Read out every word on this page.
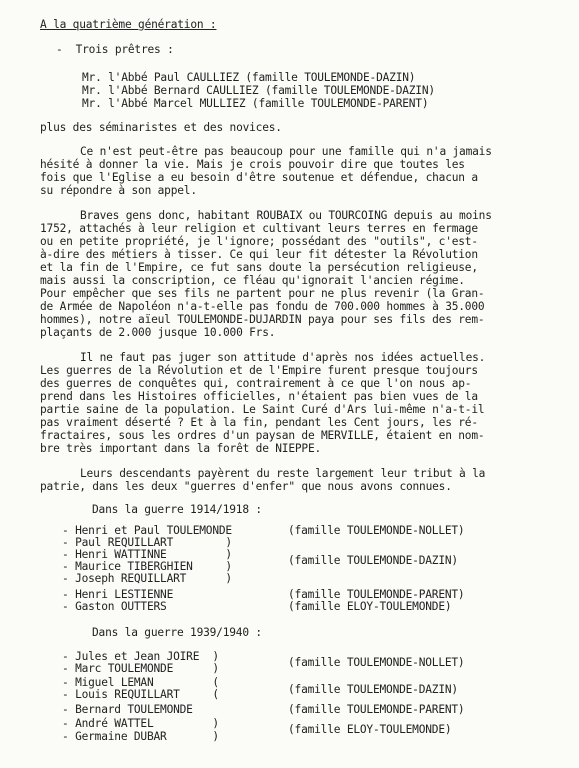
A la quatrième génération :
-  Trois prêtres :
Mr. l'Abbé Paul CAULLIEZ (famille TOULEMONDE-DAZIN)
Mr. l'Abbé Bernard CAULLIEZ (famille TOULEMONDE-DAZIN)
Mr. l'Abbé Marcel MULLIEZ (famille TOULEMONDE-PARENT)
plus des séminaristes et des novices.
Ce n'est peut-être pas beaucoup pour une famille qui n'a jamais
hésité à donner la vie. Mais je crois pouvoir dire que toutes les
fois que l'Eglise a eu besoin d'être soutenue et défendue, chacun a
su répondre à son appel.
Braves gens donc, habitant ROUBAIX ou TOURCOING depuis au moins
1752, attachés à leur religion et cultivant leurs terres en fermage
ou en petite propriété, je l'ignore; possédant des "outils", c'est-
à-dire des métiers à tisser. Ce qui leur fit détester la Révolution
et la fin de l'Empire, ce fut sans doute la persécution religieuse,
mais aussi la conscription, ce fléau qu'ignorait l'ancien régime.
Pour empêcher que ses fils ne partent pour ne plus revenir (la Gran-
de Armée de Napoléon n'a-t-elle pas fondu de 700.000 hommes à 35.000
hommes), notre aïeul TOULEMONDE-DUJARDIN paya pour ses fils des rem-
plaçants de 2.000 jusque 10.000 Frs.
Il ne faut pas juger son attitude d'après nos idées actuelles.
Les guerres de la Révolution et de l'Empire furent presque toujours
des guerres de conquêtes qui, contrairement à ce que l'on nous ap-
prend dans les Histoires officielles, n'étaient pas bien vues de la
partie saine de la population. Le Saint Curé d'Ars lui-même n'a-t-il
pas vraiment déserté ? Et à la fin, pendant les Cent jours, les ré-
fractaires, sous les ordres d'un paysan de MERVILLE, étaient en nom-
bre très important dans la forêt de NIEPPE.
Leurs descendants payèrent du reste largement leur tribut à la
patrie, dans les deux "guerres d'enfer" que nous avons connues.
Dans la guerre 1914/1918 :
- Henri et Paul TOULEMONDE
- Paul REQUILLART        )
- Henri WATTINNE         )
- Maurice TIBERGHIEN     )
- Joseph REQUILLART      )
- Henri LESTIENNE
- Gaston OUTTERS
(famille TOULEMONDE-NOLLET)
(famille TOULEMONDE-DAZIN)
(famille TOULEMONDE-PARENT)
(famille ELOY-TOULEMONDE)
Dans la guerre 1939/1940 :
- Jules et Jean JOIRE  )
- Marc TOULEMONDE      )
- Miguel LEMAN         (
- Louis REQUILLART     (
- Bernard TOULEMONDE
- André WATTEL         )
- Germaine DUBAR       )
(famille TOULEMONDE-NOLLET)
(famille TOULEMONDE-DAZIN)
(famille TOULEMONDE-PARENT)
(famille ELOY-TOULEMONDE)
